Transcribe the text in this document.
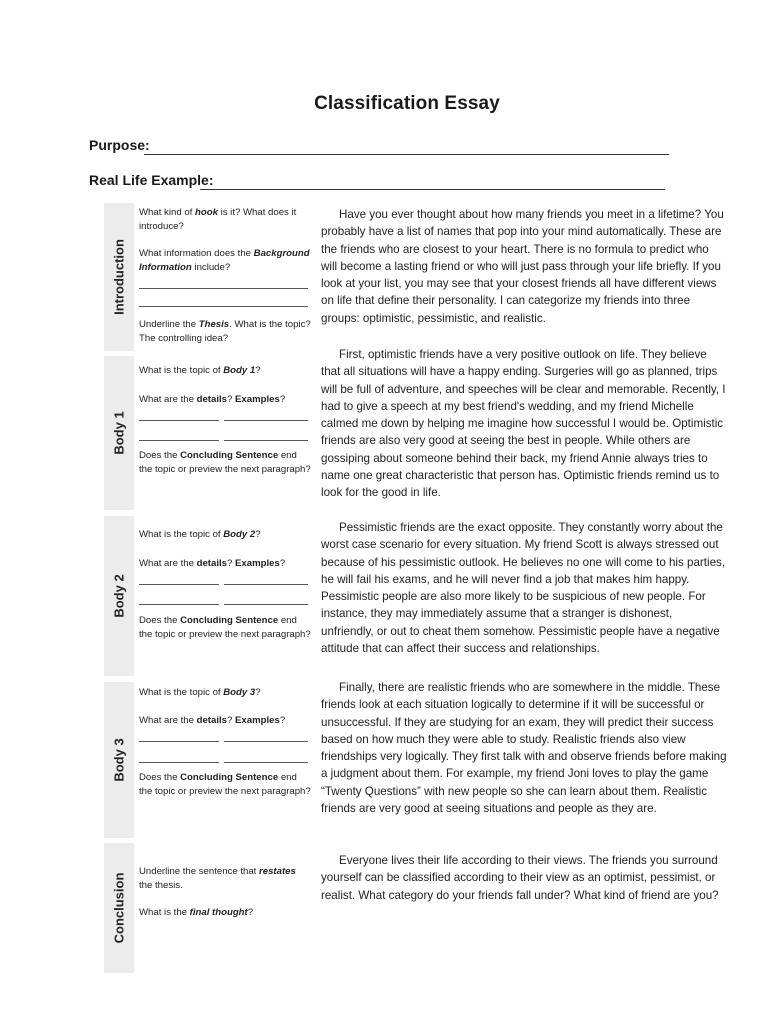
Classification Essay
Purpose:
Real Life Example:
Introduction
What kind of hook is it? What does it introduce?
What information does the Background Information include?
Underline the Thesis. What is the topic? The controlling idea?
Have you ever thought about how many friends you meet in a lifetime? You probably have a list of names that pop into your mind automatically. These are the friends who are closest to your heart. There is no formula to predict who will become a lasting friend or who will just pass through your life briefly. If you look at your list, you may see that your closest friends all have different views on life that define their personality. I can categorize my friends into three groups: optimistic, pessimistic, and realistic.
Body 1
What is the topic of Body 1?
What are the details? Examples?
Does the Concluding Sentence end the topic or preview the next paragraph?
First, optimistic friends have a very positive outlook on life. They believe that all situations will have a happy ending. Surgeries will go as planned, trips will be full of adventure, and speeches will be clear and memorable. Recently, I had to give a speech at my best friend's wedding, and my friend Michelle calmed me down by helping me imagine how successful I would be. Optimistic friends are also very good at seeing the best in people. While others are gossiping about someone behind their back, my friend Annie always tries to name one great characteristic that person has. Optimistic friends remind us to look for the good in life.
Body 2
What is the topic of Body 2?
What are the details? Examples?
Does the Concluding Sentence end the topic or preview the next paragraph?
Pessimistic friends are the exact opposite. They constantly worry about the worst case scenario for every situation. My friend Scott is always stressed out because of his pessimistic outlook. He believes no one will come to his parties, he will fail his exams, and he will never find a job that makes him happy. Pessimistic people are also more likely to be suspicious of new people. For instance, they may immediately assume that a stranger is dishonest, unfriendly, or out to cheat them somehow. Pessimistic people have a negative attitude that can affect their success and relationships.
Body 3
What is the topic of Body 3?
What are the details? Examples?
Does the Concluding Sentence end the topic or preview the next paragraph?
Finally, there are realistic friends who are somewhere in the middle. These friends look at each situation logically to determine if it will be successful or unsuccessful. If they are studying for an exam, they will predict their success based on how much they were able to study. Realistic friends also view friendships very logically. They first talk with and observe friends before making a judgment about them. For example, my friend Joni loves to play the game “Twenty Questions” with new people so she can learn about them. Realistic friends are very good at seeing situations and people as they are.
Conclusion
Underline the sentence that restates the thesis.
What is the final thought?
Everyone lives their life according to their views. The friends you surround yourself can be classified according to their view as an optimist, pessimist, or realist. What category do your friends fall under? What kind of friend are you?
